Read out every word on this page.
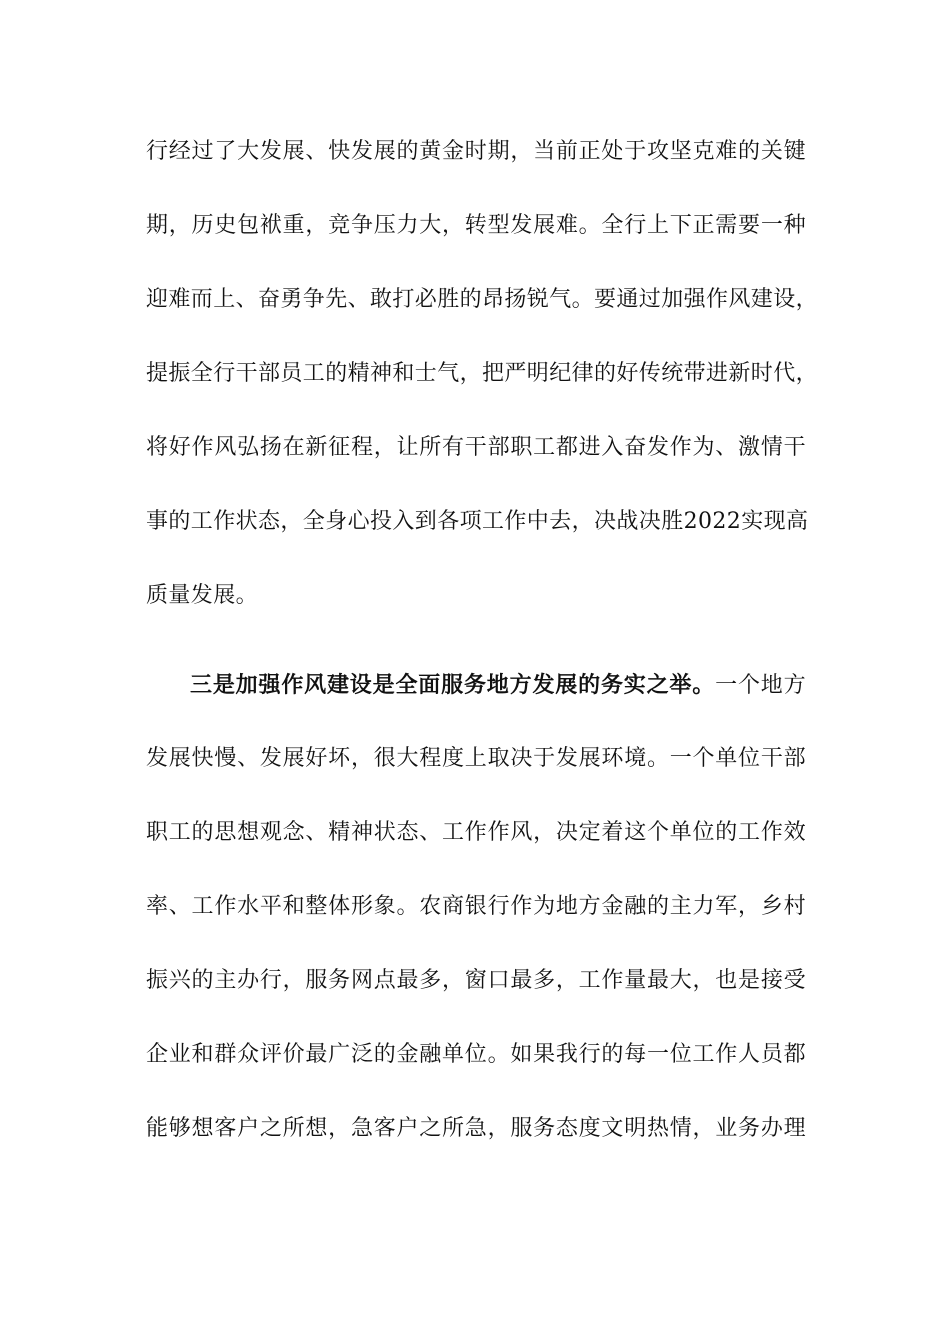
行经过了大发展、快发展的黄金时期，当前正处于攻坚克难的关键
期，历史包袱重，竞争压力大，转型发展难。全行上下正需要一种
迎难而上、奋勇争先、敢打必胜的昂扬锐气。要通过加强作风建设，
提振全行干部员工的精神和士气，把严明纪律的好传统带进新时代，
将好作风弘扬在新征程，让所有干部职工都进入奋发作为、激情干
事的工作状态，全身心投入到各项工作中去，决战决胜2022实现高
质量发展。
三是加强作风建设是全面服务地方发展的务实之举。一个地方
发展快慢、发展好坏，很大程度上取决于发展环境。一个单位干部
职工的思想观念、精神状态、工作作风，决定着这个单位的工作效
率、工作水平和整体形象。农商银行作为地方金融的主力军，乡村
振兴的主办行，服务网点最多，窗口最多，工作量最大，也是接受
企业和群众评价最广泛的金融单位。如果我行的每一位工作人员都
能够想客户之所想，急客户之所急，服务态度文明热情，业务办理
